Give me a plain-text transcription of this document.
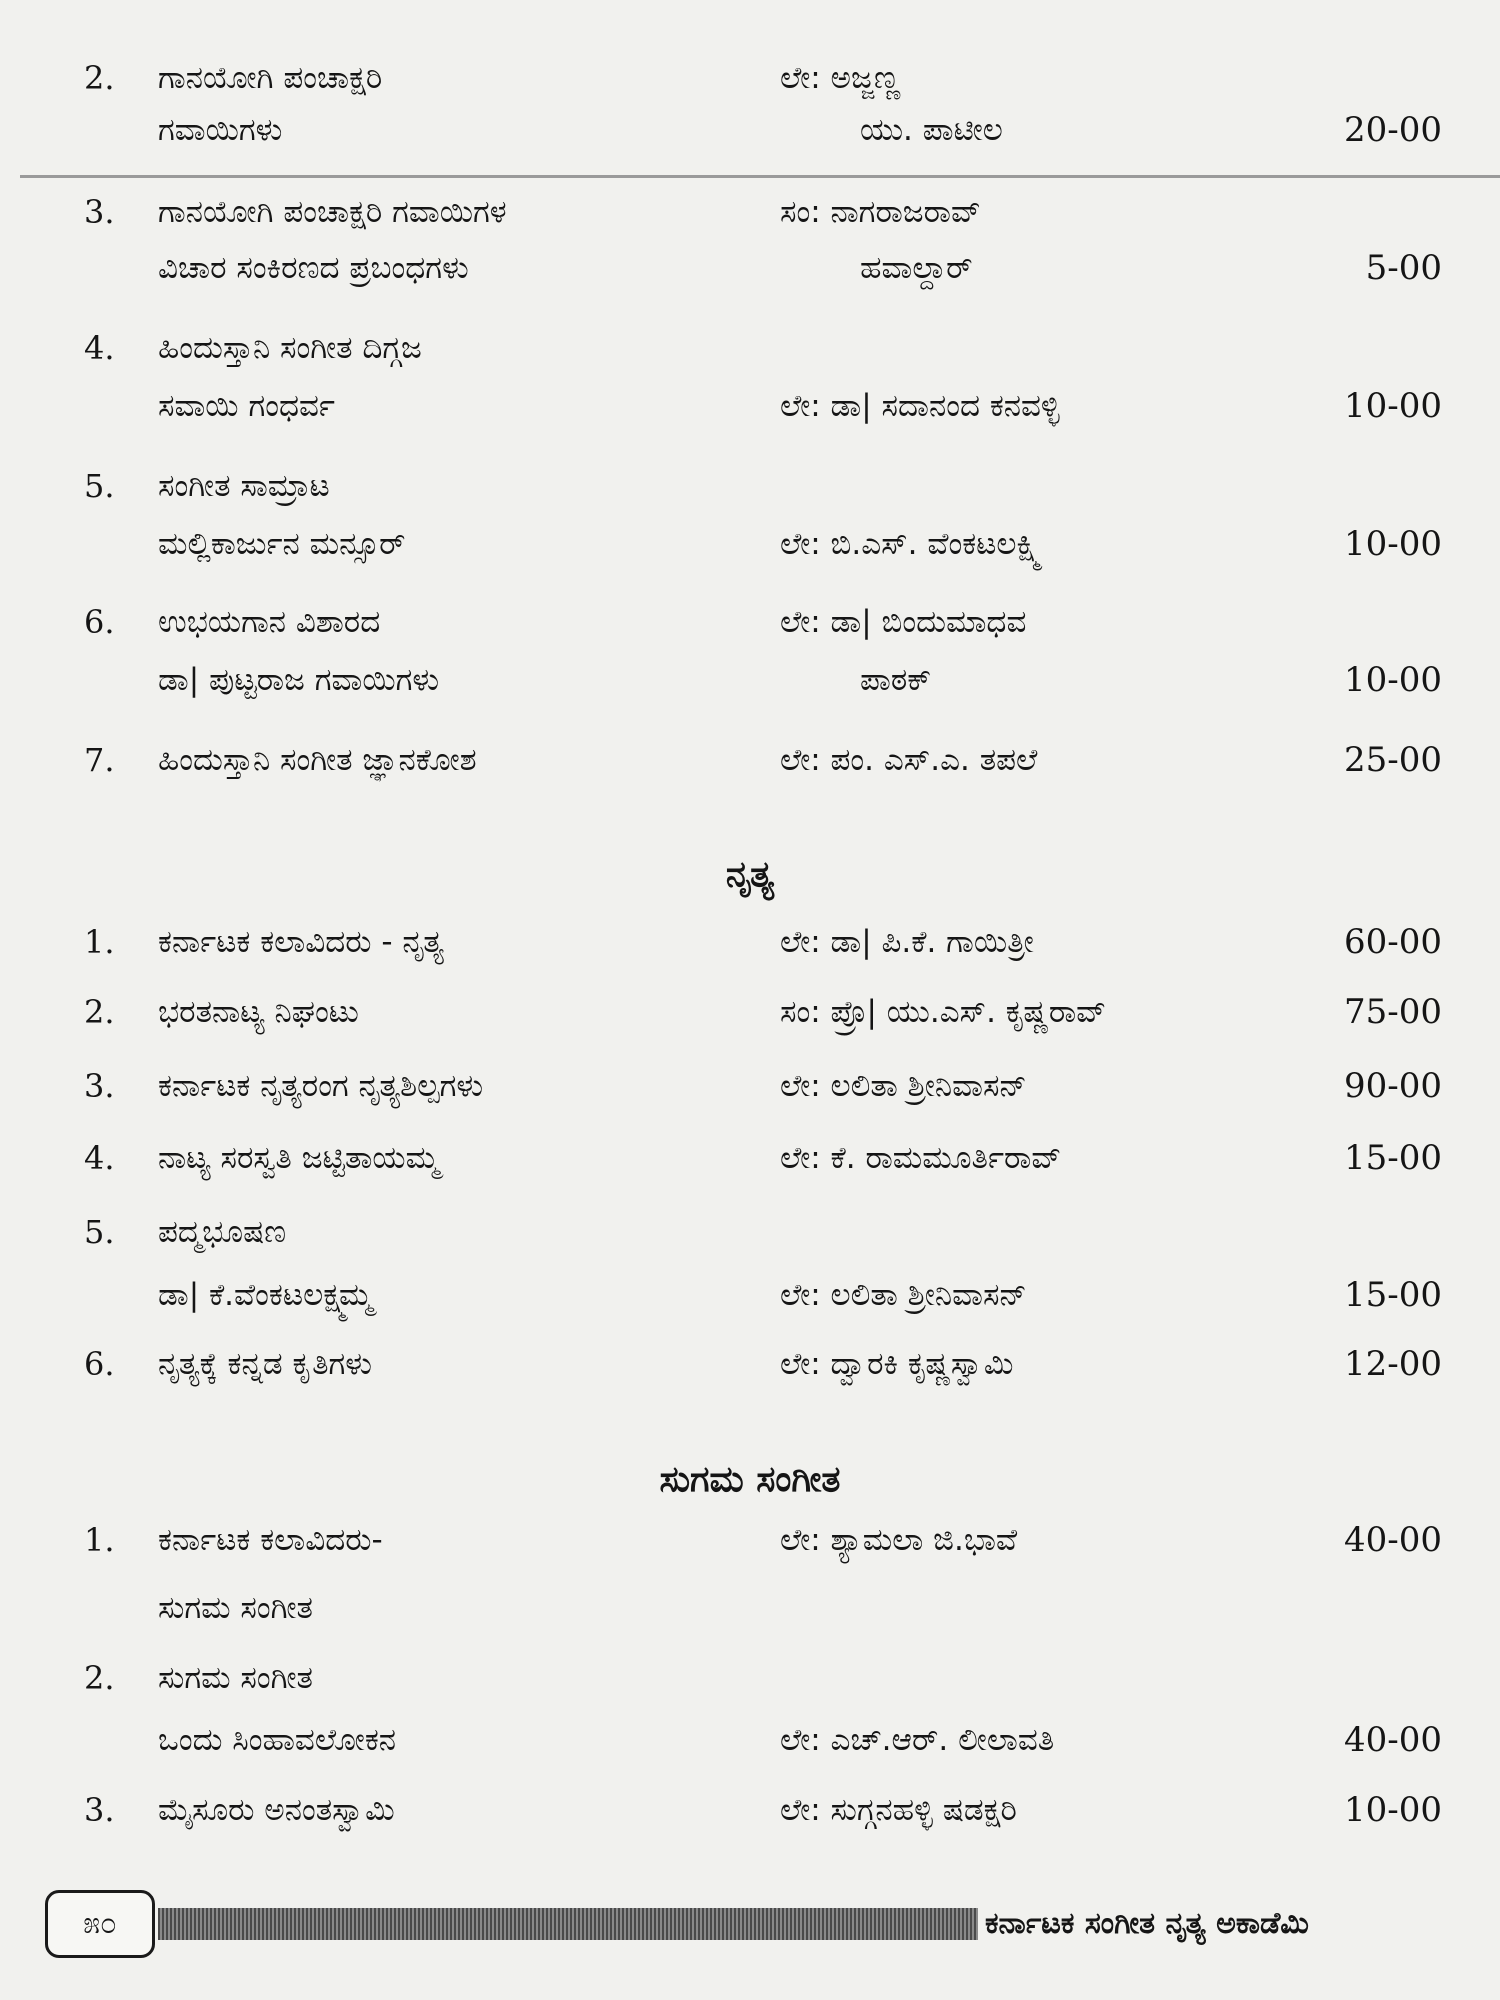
2.	ಗಾನಯೋಗಿ ಪಂಚಾಕ್ಷರಿ	ಲೇ: ಅಜ್ಜಣ್ಣ
ಗವಾಯಿಗಳು	ಯು. ಪಾಟೀಲ	20-00
3.	ಗಾನಯೋಗಿ ಪಂಚಾಕ್ಷರಿ ಗವಾಯಿಗಳ	ಸಂ: ನಾಗರಾಜರಾವ್
ವಿಚಾರ ಸಂಕಿರಣದ ಪ್ರಬಂಧಗಳು	ಹವಾಲ್ದಾರ್	5-00
4.	ಹಿಂದುಸ್ತಾನಿ ಸಂಗೀತ ದಿಗ್ಗಜ
ಸವಾಯಿ ಗಂಧರ್ವ	ಲೇ: ಡಾ| ಸದಾನಂದ ಕನವಳ್ಳಿ	10-00
5.	ಸಂಗೀತ ಸಾಮ್ರಾಟ
ಮಲ್ಲಿಕಾರ್ಜುನ ಮನ್ಸೂರ್	ಲೇ: ಬಿ.ಎಸ್. ವೆಂಕಟಲಕ್ಷ್ಮಿ	10-00
6.	ಉಭಯಗಾನ ವಿಶಾರದ	ಲೇ: ಡಾ| ಬಿಂದುಮಾಧವ
ಡಾ| ಪುಟ್ಟರಾಜ ಗವಾಯಿಗಳು	ಪಾಠಕ್	10-00
7.	ಹಿಂದುಸ್ತಾನಿ ಸಂಗೀತ ಜ್ಞಾನಕೋಶ	ಲೇ: ಪಂ. ಎಸ್.ಎ. ತಪಲೆ	25-00
ನೃತ್ಯ
1.	ಕರ್ನಾಟಕ ಕಲಾವಿದರು - ನೃತ್ಯ	ಲೇ: ಡಾ| ಪಿ.ಕೆ. ಗಾಯಿತ್ರೀ	60-00
2.	ಭರತನಾಟ್ಯ ನಿಘಂಟು	ಸಂ: ಪ್ರೊ| ಯು.ಎಸ್. ಕೃಷ್ಣರಾವ್	75-00
3.	ಕರ್ನಾಟಕ ನೃತ್ಯರಂಗ ನೃತ್ಯಶಿಲ್ಪಗಳು	ಲೇ: ಲಲಿತಾ ಶ್ರೀನಿವಾಸನ್	90-00
4.	ನಾಟ್ಯ ಸರಸ್ವತಿ ಜಟ್ಟಿತಾಯಮ್ಮ	ಲೇ: ಕೆ. ರಾಮಮೂರ್ತಿರಾವ್	15-00
5.	ಪದ್ಮಭೂಷಣ
ಡಾ| ಕೆ.ವೆಂಕಟಲಕ್ಷ್ಮಮ್ಮ	ಲೇ: ಲಲಿತಾ ಶ್ರೀನಿವಾಸನ್	15-00
6.	ನೃತ್ಯಕ್ಕೆ ಕನ್ನಡ ಕೃತಿಗಳು	ಲೇ: ದ್ವಾರಕಿ ಕೃಷ್ಣಸ್ವಾಮಿ	12-00
ಸುಗಮ ಸಂಗೀತ
1.	ಕರ್ನಾಟಕ ಕಲಾವಿದರು-	ಲೇ: ಶ್ಯಾಮಲಾ ಜಿ.ಭಾವೆ	40-00
ಸುಗಮ ಸಂಗೀತ
2.	ಸುಗಮ ಸಂಗೀತ
ಒಂದು ಸಿಂಹಾವಲೋಕನ	ಲೇ: ಎಚ್.ಆರ್. ಲೀಲಾವತಿ	40-00
3.	ಮೈಸೂರು ಅನಂತಸ್ವಾಮಿ	ಲೇ: ಸುಗ್ಗನಹಳ್ಳಿ ಷಡಕ್ಷರಿ	10-00
೫೦	ಕರ್ನಾಟಕ ಸಂಗೀತ ನೃತ್ಯ ಅಕಾಡೆಮಿ
